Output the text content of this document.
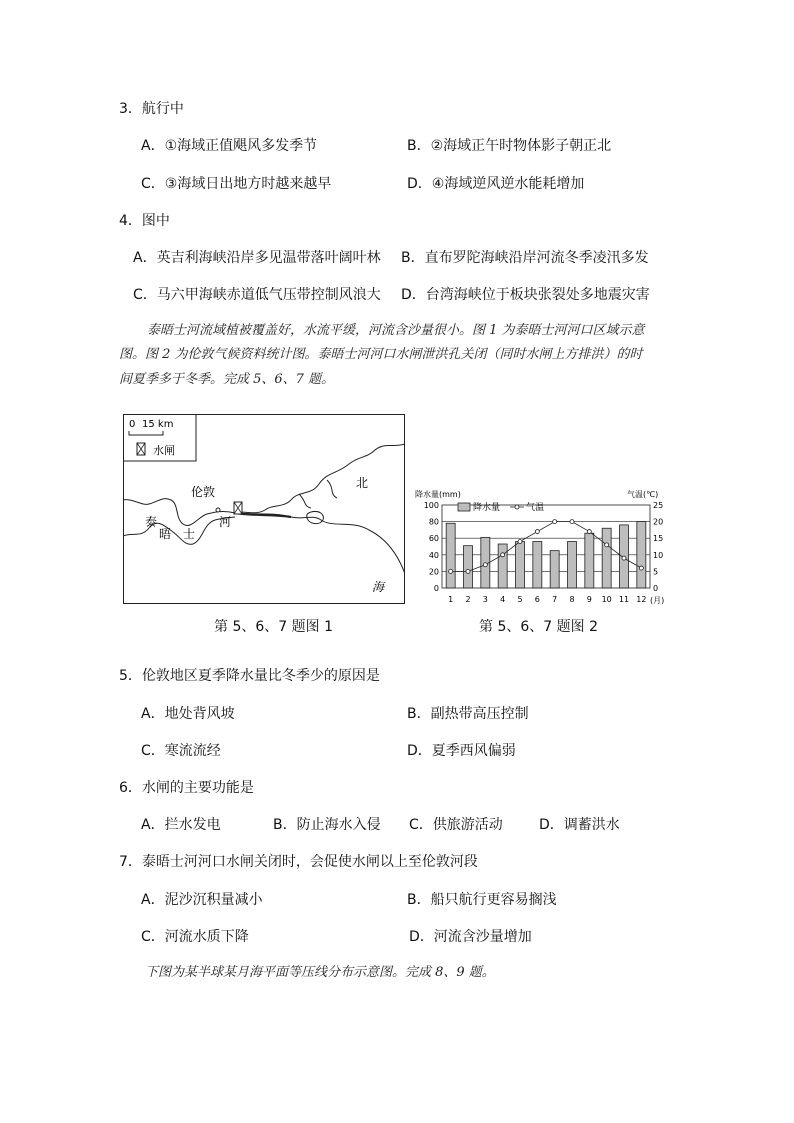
3．航行中
A．①海域正值飓风多发季节	B．②海域正午时物体影子朝正北
C．③海域日出地方时越来越早	D．④海域逆风逆水能耗增加
4．图中
A．英吉利海峡沿岸多见温带落叶阔叶林 B．直布罗陀海峡沿岸河流冬季凌汛多发
C．马六甲海峡赤道低气压带控制风浪大 D．台湾海峡位于板块张裂处多地震灾害
泰晤士河流域植被覆盖好，水流平缓，河流含沙量很小。图 1 为泰晤士河河口区域示意
图。图 2 为伦敦气候资料统计图。泰晤士河河口水闸泄洪孔关闭（同时水闸上方排洪）的时
间夏季多于冬季。完成 5、6、7 题。
0 15 km
水闸
伦敦
河
泰
晤 士
北
海
第 5、6、7 题图 1
0
20
40
60
80
100
0
5
10
15
20
25
1 2 3 4 5 6 7 8 9 10 11 12
降水量(mm)	气温(℃)
降水量	气温
(月)
第 5、6、7 题图 2
5．伦敦地区夏季降水量比冬季少的原因是
A．地处背风坡	B．副热带高压控制
C．寒流流经	D．夏季西风偏弱
6．水闸的主要功能是
A．拦水发电	B．防止海水入侵 C．供旅游活动	D．调蓄洪水
7．泰晤士河河口水闸关闭时，会促使水闸以上至伦敦河段
A．泥沙沉积量减小	B．船只航行更容易搁浅
C．河流水质下降	D．河流含沙量增加
下图为某半球某月海平面等压线分布示意图。完成 8、9 题。
